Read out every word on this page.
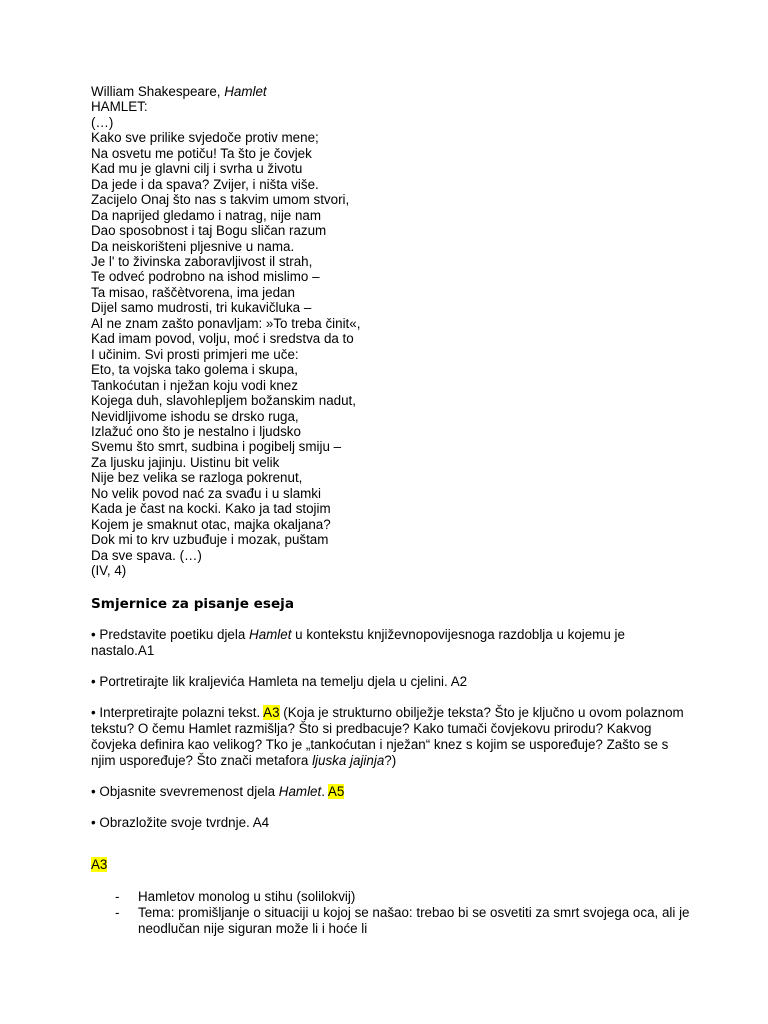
William Shakespeare, Hamlet
HAMLET:
(…)
Kako sve prilike svjedoče protiv mene;
Na osvetu me potiču! Ta što je čovjek
Kad mu je glavni cilj i svrha u životu
Da jede i da spava? Zvijer, i ništa više.
Zacijelo Onaj što nas s takvim umom stvori,
Da naprijed gledamo i natrag, nije nam
Dao sposobnost i taj Bogu sličan razum
Da neiskorišteni pljesnive u nama.
Je l' to živinska zaboravljivost il strah,
Te odveć podrobno na ishod mislimo –
Ta misao, raščètvorena, ima jedan
Dijel samo mudrosti, tri kukavičluka –
Al ne znam zašto ponavljam: »To treba činit«,
Kad imam povod, volju, moć i sredstva da to
I učinim. Svi prosti primjeri me uče:
Eto, ta vojska tako golema i skupa,
Tankoćutan i nježan koju vodi knez
Kojega duh, slavohlepljem božanskim nadut,
Nevidljivome ishodu se drsko ruga,
Izlažuć ono što je nestalno i ljudsko
Svemu što smrt, sudbina i pogibelj smiju –
Za ljusku jajinju. Uistinu bit velik
Nije bez velika se razloga pokrenut,
No velik povod nać za svađu i u slamki
Kada je čast na kocki. Kako ja tad stojim
Kojem je smaknut otac, majka okaljana?
Dok mi to krv uzbuđuje i mozak, puštam
Da sve spava. (…)
(IV, 4)
Smjernice za pisanje eseja
• Predstavite poetiku djela Hamlet u kontekstu književnopovijesnoga razdoblja u kojemu je nastalo.A1
• Portretirajte lik kraljevića Hamleta na temelju djela u cjelini. A2
• Interpretirajte polazni tekst. A3 (Koja je strukturno obilježje teksta? Što je ključno u ovom polaznom tekstu? O čemu Hamlet razmišlja? Što si predbacuje? Kako tumači čovjekovu prirodu? Kakvog čovjeka definira kao velikog? Tko je „tankoćutan i nježan“ knez s kojim se uspoređuje? Zašto se s njim uspoređuje? Što znači metafora ljuska jajinja?)
• Objasnite svevremenost djela Hamlet. A5
• Obrazložite svoje tvrdnje. A4
A3
- Hamletov monolog u stihu (solilokvij)
- Tema: promišljanje o situaciji u kojoj se našao: trebao bi se osvetiti za smrt svojega oca, ali je neodlučan nije siguran može li i hoće li
